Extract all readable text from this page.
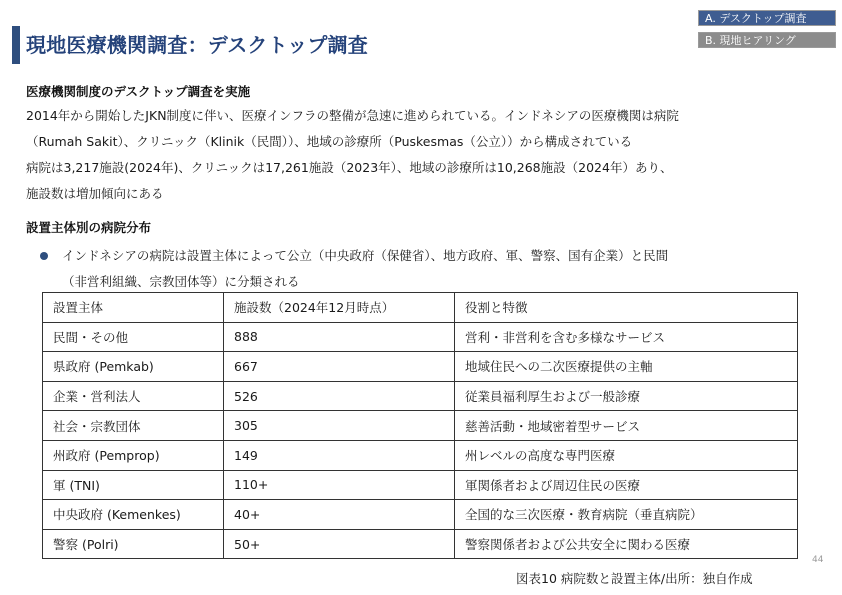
現地医療機関調査：デスクトップ調査
A. デスクトップ調査
B. 現地ヒアリング
医療機関制度のデスクトップ調査を実施
2014年から開始したJKN制度に伴い、医療インフラの整備が急速に進められている。インドネシアの医療機関は病院
（Rumah Sakit）、クリニック（Klinik（民間））、地域の診療所（Puskesmas（公立））から構成されている
病院は3,217施設(2024年)、クリニックは17,261施設（2023年）、地域の診療所は10,268施設（2024年）あり、
施設数は増加傾向にある
設置主体別の病院分布
インドネシアの病院は設置主体によって公立（中央政府（保健省）、地方政府、軍、警察、国有企業）と民間
（非営利組織、宗教団体等）に分類される
設置主体	施設数（2024年12月時点）	役割と特徴
民間・その他	888	営利・非営利を含む多様なサービス
県政府 (Pemkab)	667	地域住民への二次医療提供の主軸
企業・営利法人	526	従業員福利厚生および一般診療
社会・宗教団体	305	慈善活動・地域密着型サービス
州政府 (Pemprop)	149	州レベルの高度な専門医療
軍 (TNI)	110+	軍関係者および周辺住民の医療
中央政府 (Kemenkes)	40+	全国的な三次医療・教育病院（垂直病院）
警察 (Polri)	50+	警察関係者および公共安全に関わる医療
44
図表10 病院数と設置主体/出所：独自作成
